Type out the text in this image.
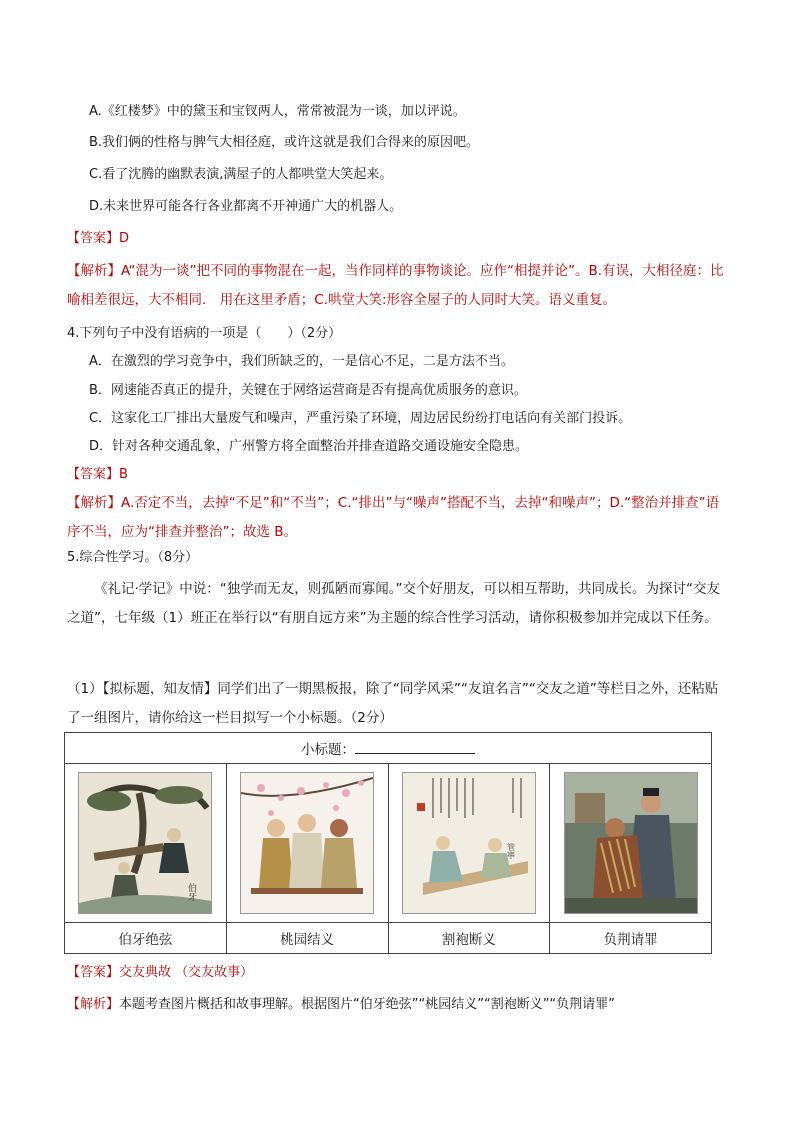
A.《红楼梦》中的黛玉和宝钗两人，常常被混为一谈，加以评说。
B.我们俩的性格与脾气大相径庭，或许这就是我们合得来的原因吧。
C.看了沈腾的幽默表演,满屋子的人都哄堂大笑起来。
D.未来世界可能各行各业都离不开神通广大的机器人。
【答案】D
【解析】A“混为一谈”把不同的事物混在一起，当作同样的事物谈论。应作“相提并论”。B.有误，大相径庭：比喻相差很远，大不相同． 用在这里矛盾；C.哄堂大笑:形容全屋子的人同时大笑。语义重复。
4.下列句子中没有语病的一项是（　　）（2分）
A．在激烈的学习竞争中，我们所缺乏的，一是信心不足，二是方法不当。
B．网速能否真正的提升，关键在于网络运营商是否有提高优质服务的意识。
C．这家化工厂排出大量废气和噪声，严重污染了环境，周边居民纷纷打电话向有关部门投诉。
D．针对各种交通乱象，广州警方将全面整治并排查道路交通设施安全隐患。
【答案】B
【解析】A.否定不当，去掉“不足”和“不当”；C.“排出”与“噪声”搭配不当，去掉“和噪声”；D.“整治并排查”语序不当，应为“排查并整治”；故选 B。
5.综合性学习。（8分）
《礼记·学记》中说：“独学而无友，则孤陋而寡闻。”交个好朋友，可以相互帮助，共同成长。为探讨“交友之道”，七年级（1）班正在举行以“有朋自远方来”为主题的综合性学习活动，请你积极参加并完成以下任务。
（1）【拟标题，知友情】同学们出了一期黑板报，除了“同学风采”“友谊名言”“交友之道”等栏目之外，还粘贴了一组图片，请你给这一栏目拟写一个小标题。（2分）
小标题：			

伯牙		管寧

伯牙绝弦	桃园结义	割袍断义	负荆请罪
【答案】交友典故 （交友故事）
【解析】本题考查图片概括和故事理解。根据图片“伯牙绝弦”“桃园结义”“割袍断义”“负荆请罪”
